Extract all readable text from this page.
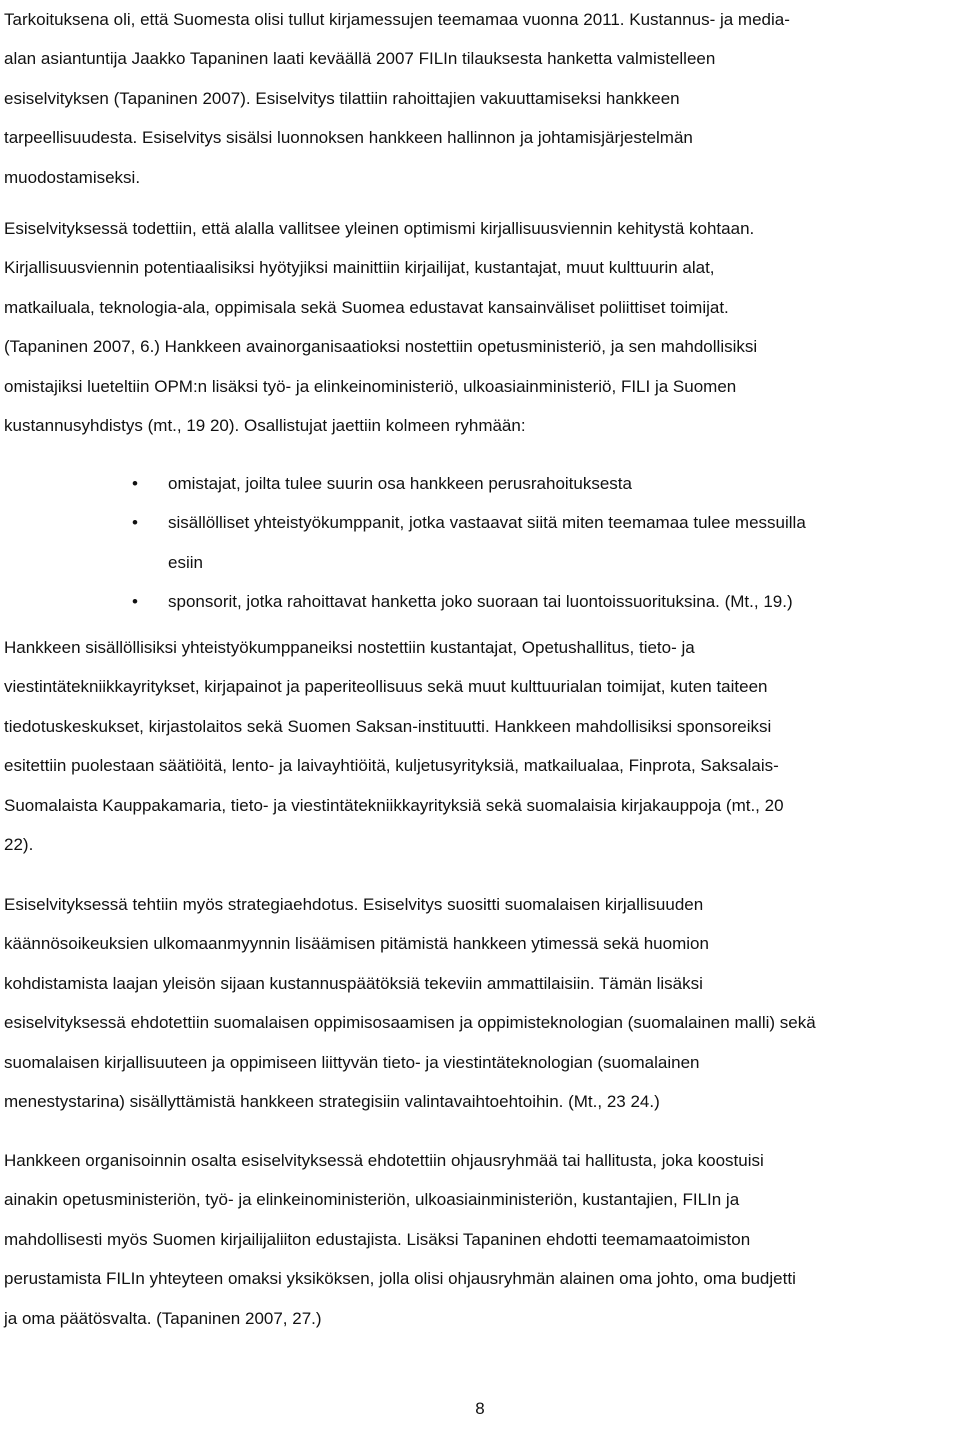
Tarkoituksena oli, että Suomesta olisi tullut kirjamessujen teemamaa vuonna 2011. Kustannus- ja media-
alan asiantuntija Jaakko Tapaninen laati keväällä 2007 FILIn tilauksesta hanketta valmistelleen
esiselvityksen (Tapaninen 2007). Esiselvitys tilattiin rahoittajien vakuuttamiseksi hankkeen
tarpeellisuudesta. Esiselvitys sisälsi luonnoksen hankkeen hallinnon ja johtamisjärjestelmän
muodostamiseksi.

Esiselvityksessä todettiin, että alalla vallitsee yleinen optimismi kirjallisuusviennin kehitystä kohtaan.
Kirjallisuusviennin potentiaalisiksi hyötyjiksi mainittiin kirjailijat, kustantajat, muut kulttuurin alat,
matkailuala, teknologia-ala, oppimisala sekä Suomea edustavat kansainväliset poliittiset toimijat.
(Tapaninen 2007, 6.) Hankkeen avainorganisaatioksi nostettiin opetusministeriö, ja sen mahdollisiksi
omistajiksi lueteltiin OPM:n lisäksi työ- ja elinkeinoministeriö, ulkoasiainministeriö, FILI ja Suomen
kustannusyhdistys (mt., 19 20). Osallistujat jaettiin kolmeen ryhmään:

• omistajat, joilta tulee suurin osa hankkeen perusrahoituksesta
• sisällölliset yhteistyökumppanit, jotka vastaavat siitä miten teemamaa tulee messuilla
esiin
• sponsorit, jotka rahoittavat hanketta joko suoraan tai luontoissuorituksina. (Mt., 19.)

Hankkeen sisällöllisiksi yhteistyökumppaneiksi nostettiin kustantajat, Opetushallitus, tieto- ja
viestintätekniikkayritykset, kirjapainot ja paperiteollisuus sekä muut kulttuurialan toimijat, kuten taiteen
tiedotuskeskukset, kirjastolaitos sekä Suomen Saksan-instituutti. Hankkeen mahdollisiksi sponsoreiksi
esitettiin puolestaan säätiöitä, lento- ja laivayhtiöitä, kuljetusyrityksiä, matkailualaa, Finprota, Saksalais-
Suomalaista Kauppakamaria, tieto- ja viestintätekniikkayrityksiä sekä suomalaisia kirjakauppoja (mt., 20
22).

Esiselvityksessä tehtiin myös strategiaehdotus. Esiselvitys suositti suomalaisen kirjallisuuden
käännösoikeuksien ulkomaanmyynnin lisäämisen pitämistä hankkeen ytimessä sekä huomion
kohdistamista laajan yleisön sijaan kustannuspäätöksiä tekeviin ammattilaisiin. Tämän lisäksi
esiselvityksessä ehdotettiin suomalaisen oppimisosaamisen ja oppimisteknologian (suomalainen malli) sekä
suomalaisen kirjallisuuteen ja oppimiseen liittyvän tieto- ja viestintäteknologian (suomalainen
menestystarina) sisällyttämistä hankkeen strategisiin valintavaihtoehtoihin. (Mt., 23 24.)

Hankkeen organisoinnin osalta esiselvityksessä ehdotettiin ohjausryhmää tai hallitusta, joka koostuisi
ainakin opetusministeriön, työ- ja elinkeinoministeriön, ulkoasiainministeriön, kustantajien, FILIn ja
mahdollisesti myös Suomen kirjailijaliiton edustajista. Lisäksi Tapaninen ehdotti teemamaatoimiston
perustamista FILIn yhteyteen omaksi yksiköksen, jolla olisi ohjausryhmän alainen oma johto, oma budjetti
ja oma päätösvalta. (Tapaninen 2007, 27.)

8
